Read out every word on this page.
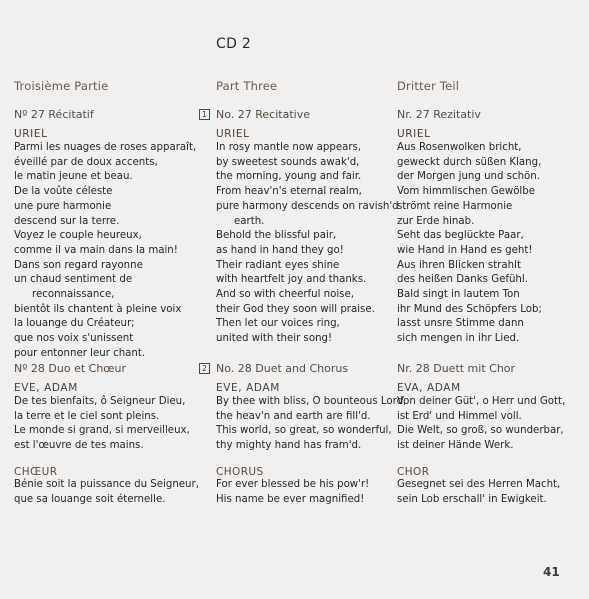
CD 2
Troisième Partie
Nº 27 Récitatif
URIEL
Parmi les nuages de roses apparaît,
éveillé par de doux accents,
le matin jeune et beau.
De la voûte céleste
une pure harmonie
descend sur la terre.
Voyez le couple heureux,
comme il va main dans la main!
Dans son regard rayonne
un chaud sentiment de
reconnaissance,
bientôt ils chantent à pleine voix
la louange du Créateur;
que nos voix s'unissent
pour entonner leur chant.
Nº 28 Duo et Chœur
EVE, ADAM
De tes bienfaits, ô Seigneur Dieu,
la terre et le ciel sont pleins.
Le monde si grand, si merveilleux,
est l'œuvre de tes mains.
CHŒUR
Bénie soit la puissance du Seigneur,
que sa louange soit éternelle.
Part Three
1 No. 27 Recitative
URIEL
In rosy mantle now appears,
by sweetest sounds awak'd,
the morning, young and fair.
From heav'n's eternal realm,
pure harmony descends on ravish'd
earth.
Behold the blissful pair,
as hand in hand they go!
Their radiant eyes shine
with heartfelt joy and thanks.
And so with cheerful noise,
their God they soon will praise.
Then let our voices ring,
united with their song!
2 No. 28 Duet and Chorus
EVE, ADAM
By thee with bliss, O bounteous Lord,
the heav'n and earth are fill'd.
This world, so great, so wonderful,
thy mighty hand has fram'd.
CHORUS
For ever blessed be his pow'r!
His name be ever magnified!
Dritter Teil
Nr. 27 Rezitativ
URIEL
Aus Rosenwolken bricht,
geweckt durch süßen Klang,
der Morgen jung und schön.
Vom himmlischen Gewölbe
strömt reine Harmonie
zur Erde hinab.
Seht das beglückte Paar,
wie Hand in Hand es geht!
Aus ihren Blicken strahlt
des heißen Danks Gefühl.
Bald singt in lautem Ton
ihr Mund des Schöpfers Lob;
lasst unsre Stimme dann
sich mengen in ihr Lied.
Nr. 28 Duett mit Chor
EVA, ADAM
Von deiner Güt', o Herr und Gott,
ist Erd' und Himmel voll.
Die Welt, so groß, so wunderbar,
ist deiner Hände Werk.
CHOR
Gesegnet sei des Herren Macht,
sein Lob erschall' in Ewigkeit.
41
